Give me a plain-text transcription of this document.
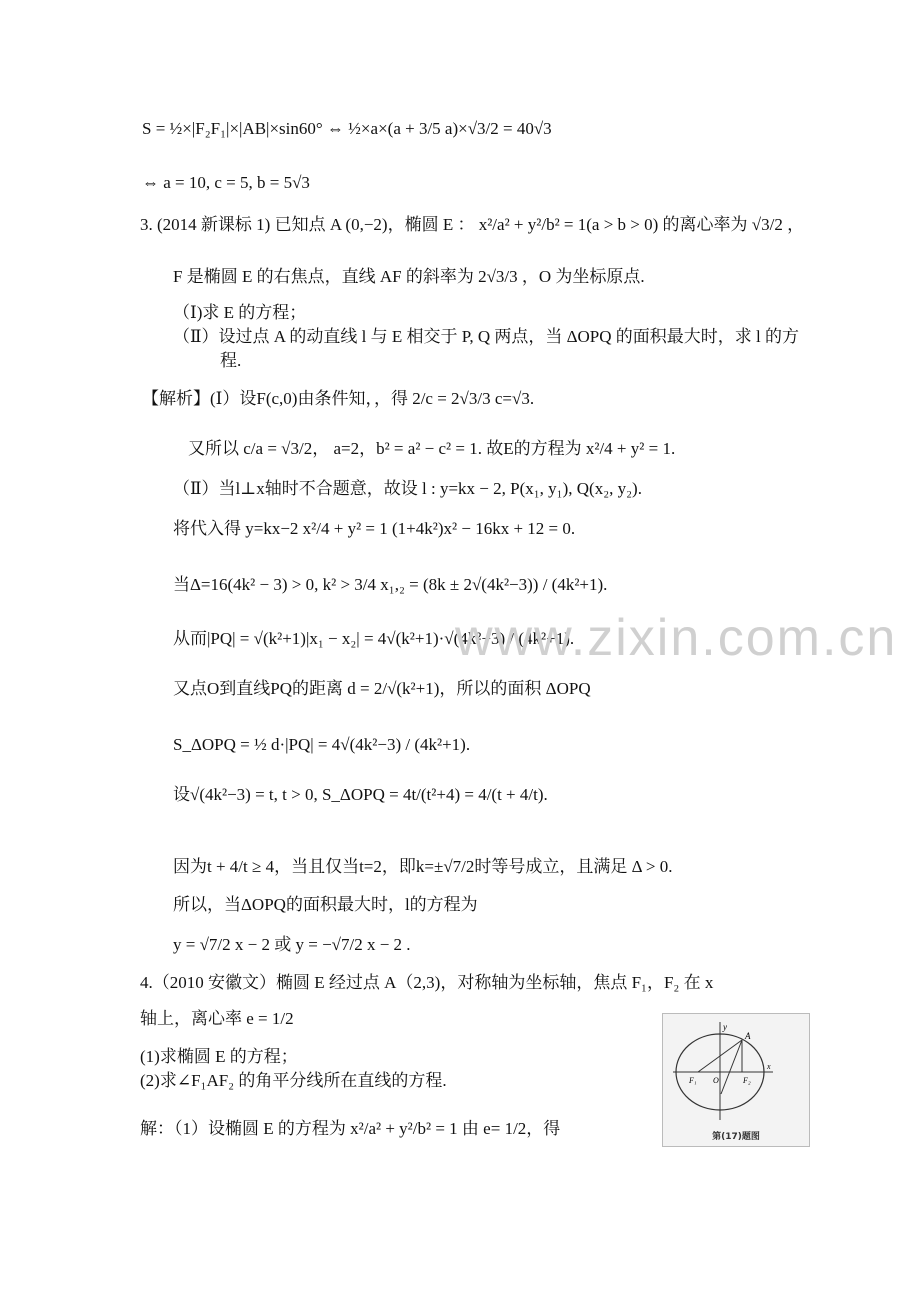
S = ½×|F₂F₁|×|AB|×sin60° ⇔ ½×a×(a + 3/5 a)×√3/2 = 40√3
⇔ a = 10, c = 5, b = 5√3
3. (2014 新课标 1) 已知点 A (0,−2)，椭圆 E ： x²/a² + y²/b² = 1(a > b > 0) 的离心率为 √3/2 ，
F 是椭圆 E 的右焦点，直线 AF 的斜率为 2√3/3 ，O 为坐标原点.
（Ⅰ)求 E 的方程；
（Ⅱ）设过点 A 的动直线 l 与 E 相交于 P, Q 两点，当 ΔOPQ 的面积最大时，求 l 的方
程.
【解析】(Ⅰ）设F(c,0)由条件知，，得 2/c = 2√3/3 c=√3.
又所以 c/a = √3/2， a=2，b² = a² − c² = 1. 故E的方程为 x²/4 + y² = 1.
（Ⅱ）当l⊥x轴时不合题意，故设 l : y=kx − 2, P(x₁, y₁), Q(x₂, y₂).
将代入得 y=kx−2 x²/4 + y² = 1 (1+4k²)x² − 16kx + 12 = 0.
当Δ=16(4k² − 3) > 0, k² > 3/4 x₁,₂ = (8k ± 2√(4k²−3)) / (4k²+1).
从而|PQ| = √(k²+1)|x₁ − x₂| = 4√(k²+1)·√(4k²−3) / (4k²+1).
又点O到直线PQ的距离 d = 2/√(k²+1)，所以的面积 ΔOPQ
S_ΔOPQ = ½ d·|PQ| = 4√(4k²−3) / (4k²+1).
设√(4k²−3) = t, t > 0, S_ΔOPQ = 4t/(t²+4) = 4/(t + 4/t).
因为t + 4/t ≥ 4，当且仅当t=2，即k=±√7/2时等号成立，且满足 Δ > 0.
所以，当ΔOPQ的面积最大时，l的方程为
y = √7/2 x − 2 或 y = −√7/2 x − 2 .
4.（2010 安徽文）椭圆 E 经过点 A（2,3)，对称轴为坐标轴，焦点 F₁，F₂ 在 x
轴上，离心率 e = 1/2
(1)求椭圆 E 的方程；
(2)求∠F₁AF₂ 的角平分线所在直线的方程.
解：（1）设椭圆 E 的方程为 x²/a² + y²/b² = 1 由 e= 1/2，得
www.zixin.com.cn
y
A
F₁ O	F₂
x
第(17)题图
